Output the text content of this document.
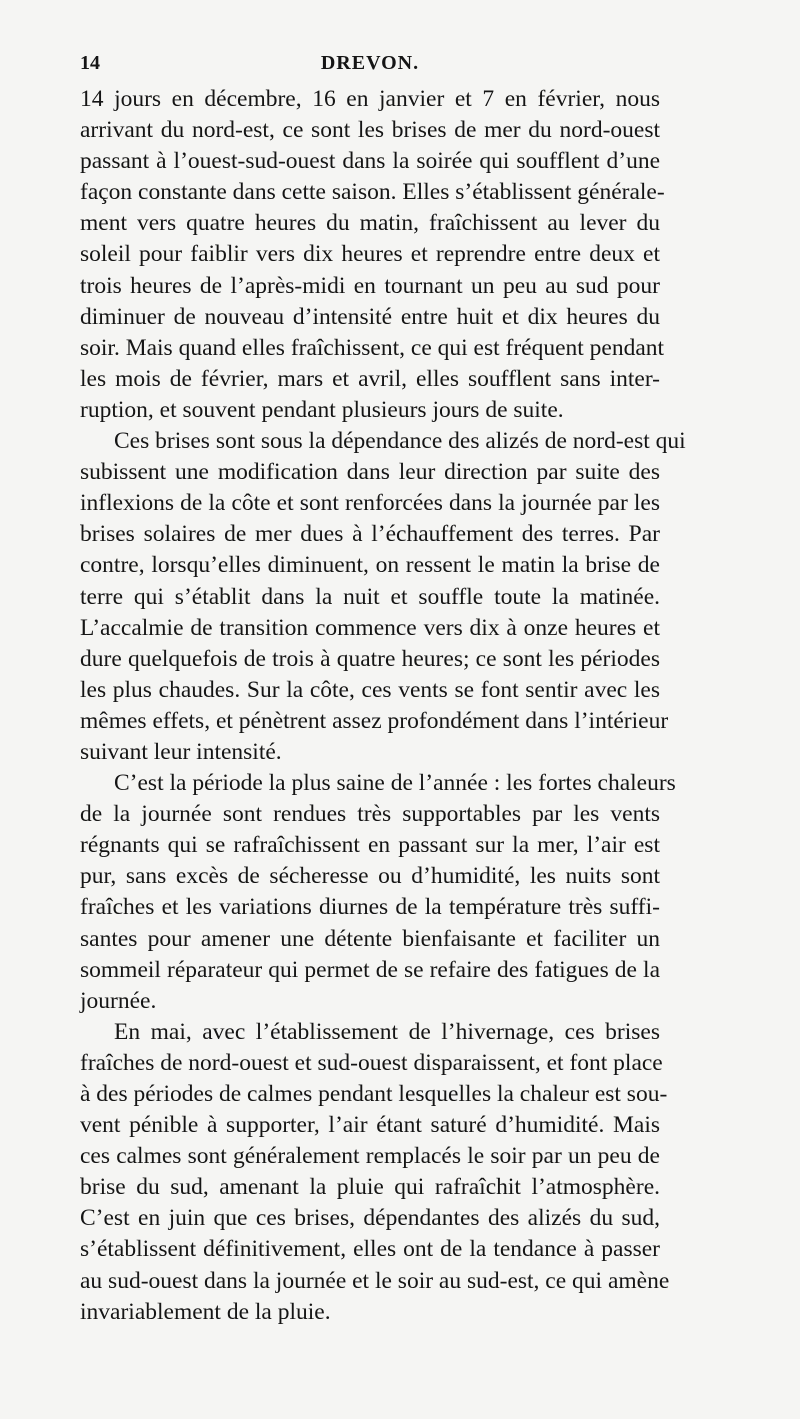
14	DREVON.
14 jours en décembre, 16 en janvier et 7 en février, nous
arrivant du nord-est, ce sont les brises de mer du nord-ouest
passant à l’ouest-sud-ouest dans la soirée qui soufflent d’une
façon constante dans cette saison. Elles s’établissent générale-
ment vers quatre heures du matin, fraîchissent au lever du
soleil pour faiblir vers dix heures et reprendre entre deux et
trois heures de l’après-midi en tournant un peu au sud pour
diminuer de nouveau d’intensité entre huit et dix heures du
soir. Mais quand elles fraîchissent, ce qui est fréquent pendant
les mois de février, mars et avril, elles soufflent sans inter-
ruption, et souvent pendant plusieurs jours de suite.
Ces brises sont sous la dépendance des alizés de nord-est qui
subissent une modification dans leur direction par suite des
inflexions de la côte et sont renforcées dans la journée par les
brises solaires de mer dues à l’échauffement des terres. Par
contre, lorsqu’elles diminuent, on ressent le matin la brise de
terre qui s’établit dans la nuit et souffle toute la matinée.
L’accalmie de transition commence vers dix à onze heures et
dure quelquefois de trois à quatre heures; ce sont les périodes
les plus chaudes. Sur la côte, ces vents se font sentir avec les
mêmes effets, et pénètrent assez profondément dans l’intérieur
suivant leur intensité.
C’est la période la plus saine de l’année : les fortes chaleurs
de la journée sont rendues très supportables par les vents
régnants qui se rafraîchissent en passant sur la mer, l’air est
pur, sans excès de sécheresse ou d’humidité, les nuits sont
fraîches et les variations diurnes de la température très suffi-
santes pour amener une détente bienfaisante et faciliter un
sommeil réparateur qui permet de se refaire des fatigues de la
journée.
En mai, avec l’établissement de l’hivernage, ces brises
fraîches de nord-ouest et sud-ouest disparaissent, et font place
à des périodes de calmes pendant lesquelles la chaleur est sou-
vent pénible à supporter, l’air étant saturé d’humidité. Mais
ces calmes sont généralement remplacés le soir par un peu de
brise du sud, amenant la pluie qui rafraîchit l’atmosphère.
C’est en juin que ces brises, dépendantes des alizés du sud,
s’établissent définitivement, elles ont de la tendance à passer
au sud-ouest dans la journée et le soir au sud-est, ce qui amène
invariablement de la pluie.
